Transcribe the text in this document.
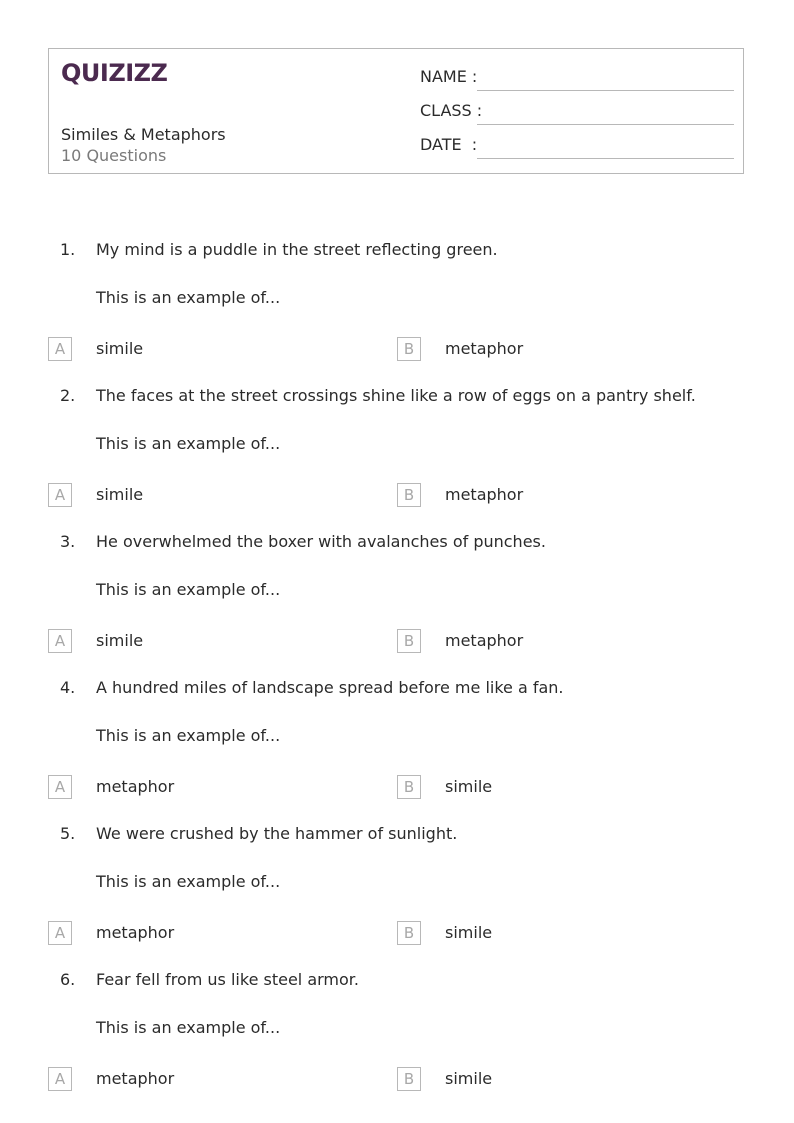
QUIZIZZ
Similes & Metaphors
10 Questions
NAME :
CLASS :
DATE  :
1. My mind is a puddle in the street reflecting green.
This is an example of...
A	simile	B	metaphor
2. The faces at the street crossings shine like a row of eggs on a pantry shelf.
This is an example of...
A	simile	B	metaphor
3. He overwhelmed the boxer with avalanches of punches.
This is an example of...
A	simile	B	metaphor
4. A hundred miles of landscape spread before me like a fan.
This is an example of...
A	metaphor	B	simile
5. We were crushed by the hammer of sunlight.
This is an example of...
A	metaphor	B	simile
6. Fear fell from us like steel armor.
This is an example of...
A	metaphor	B	simile
